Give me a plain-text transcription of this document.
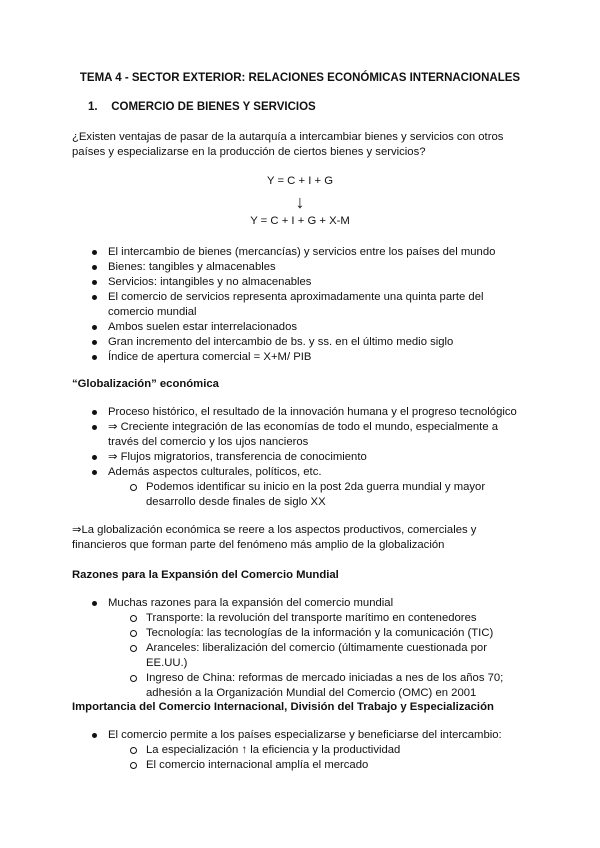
TEMA 4 - SECTOR EXTERIOR: RELACIONES ECONÓMICAS INTERNACIONALES
1. COMERCIO DE BIENES Y SERVICIOS
¿Existen ventajas de pasar de la autarquía a intercambiar bienes y servicios con otros países y especializarse en la producción de ciertos bienes y servicios?
Y = C + I + G
↓
Y = C + I + G + X-M
El intercambio de bienes (mercancías) y servicios entre los países del mundo
Bienes: tangibles y almacenables
Servicios: intangibles y no almacenables
El comercio de servicios representa aproximadamente una quinta parte del comercio mundial
Ambos suelen estar interrelacionados
Gran incremento del intercambio de bs. y ss. en el último medio siglo
Índice de apertura comercial = X+M/ PIB
“Globalización” económica
Proceso histórico, el resultado de la innovación humana y el progreso tecnológico
⇒ Creciente integración de las economías de todo el mundo, especialmente a través del comercio y los ujos nancieros
⇒ Flujos migratorios, transferencia de conocimiento
Además aspectos culturales, políticos, etc.
Podemos identificar su inicio en la post 2da guerra mundial y mayor desarrollo desde finales de siglo XX
⇒La globalización económica se reere a los aspectos productivos, comerciales y financieros que forman parte del fenómeno más amplio de la globalización
Razones para la Expansión del Comercio Mundial
Muchas razones para la expansión del comercio mundial
Transporte: la revolución del transporte marítimo en contenedores
Tecnología: las tecnologías de la información y la comunicación (TIC)
Aranceles: liberalización del comercio (últimamente cuestionada por EE.UU.)
Ingreso de China: reformas de mercado iniciadas a nes de los años 70; adhesión a la Organización Mundial del Comercio (OMC) en 2001
Importancia del Comercio Internacional, División del Trabajo y Especialización
El comercio permite a los países especializarse y beneficiarse del intercambio:
La especialización ↑ la eficiencia y la productividad
El comercio internacional amplía el mercado
